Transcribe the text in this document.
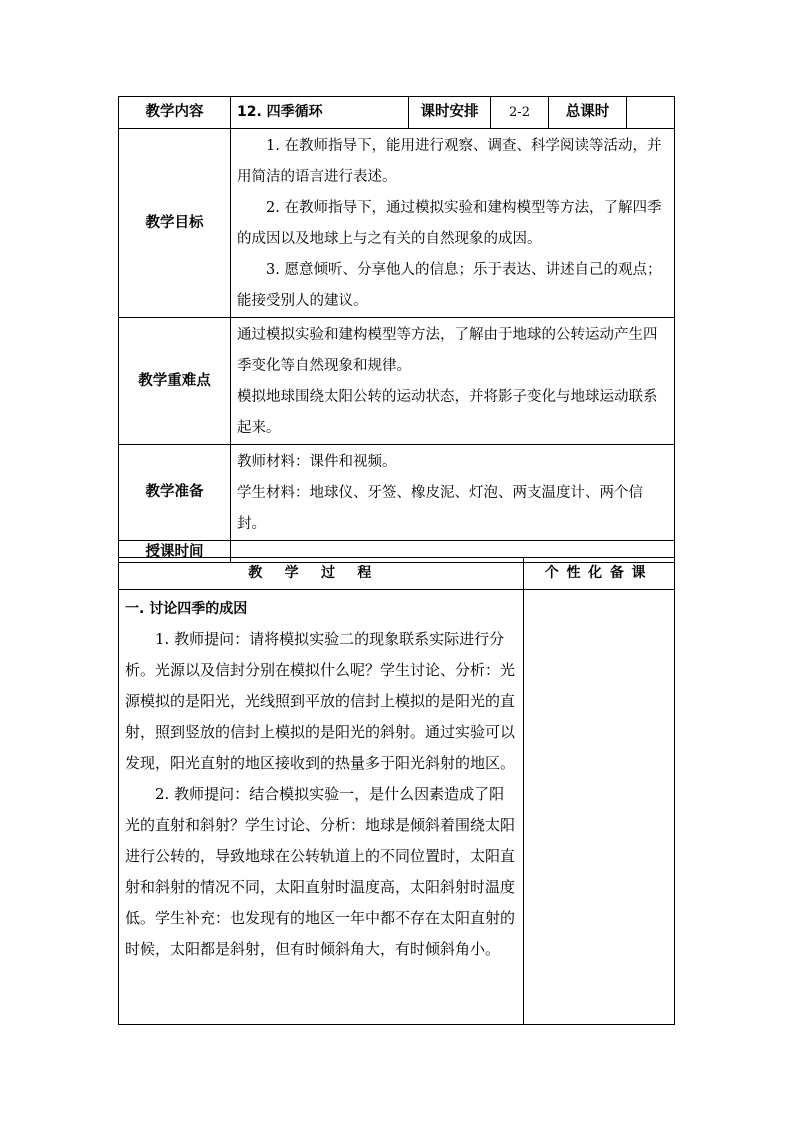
教学内容	12. 四季循环	课时安排	2-2	总课时	
教学目标	1. 在教师指导下，能用进行观察、调查、科学阅读等活动，并用简洁的语言进行表述。

2. 在教师指导下，通过模拟实验和建构模型等方法，了解四季的成因以及地球上与之有关的自然现象的成因。

3. 愿意倾听、分享他人的信息；乐于表达、讲述自己的观点；能接受别人的建议。				

教学重难点	通过模拟实验和建构模型等方法，了解由于地球的公转运动产生四季变化等自然现象和规律。

模拟地球围绕太阳公转的运动状态，并将影子变化与地球运动联系起来。				

教学准备	教师材料：课件和视频。

学生材料：地球仪、牙签、橡皮泥、灯泡、两支温度计、两个信封。				

授课时间					
教学过程	个性化备课

一. 讨论四季的成因

1. 教师提问：请将模拟实验二的现象联系实际进行分析。光源以及信封分别在模拟什么呢？学生讨论、分析：光源模拟的是阳光，光线照到平放的信封上模拟的是阳光的直射，照到竖放的信封上模拟的是阳光的斜射。通过实验可以发现，阳光直射的地区接收到的热量多于阳光斜射的地区。

2. 教师提问：结合模拟实验一，是什么因素造成了阳光的直射和斜射？学生讨论、分析：地球是倾斜着围绕太阳进行公转的，导致地球在公转轨道上的不同位置时，太阳直射和斜射的情况不同，太阳直射时温度高，太阳斜射时温度低。学生补充：也发现有的地区一年中都不存在太阳直射的时候，太阳都是斜射，但有时倾斜角大，有时倾斜角小。	
